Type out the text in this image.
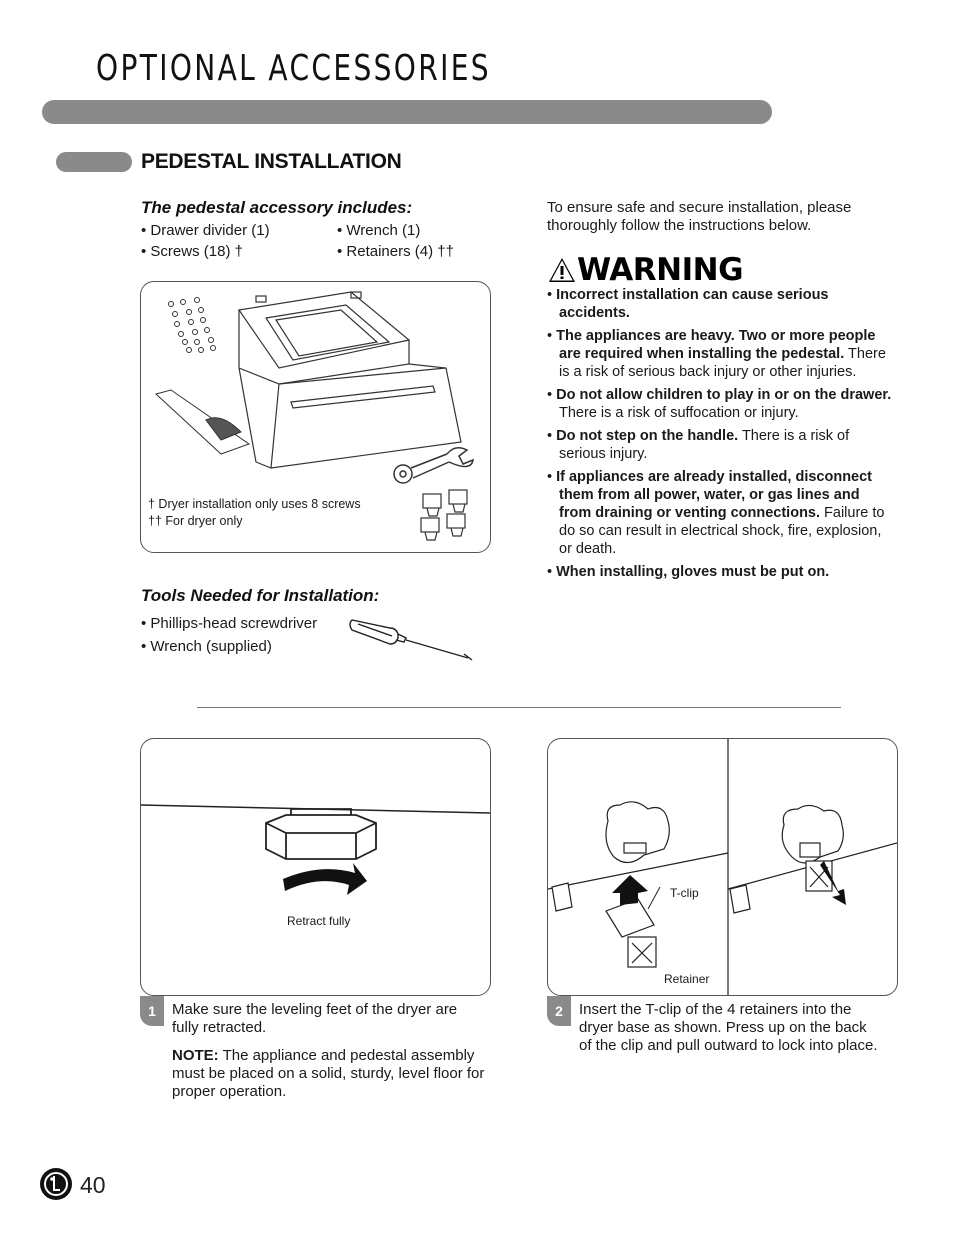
OPTIONAL ACCESSORIES
PEDESTAL INSTALLATION
The pedestal accessory includes:
• Drawer divider (1)	• Wrench (1)
• Screws (18) †	• Retainers (4) ††
† Dryer installation only uses 8 screws
†† For dryer only
Tools Needed for Installation:
• Phillips-head screwdriver
• Wrench (supplied)
To ensure safe and secure installation, please thoroughly follow the instructions below.
WARNING
• Incorrect installation can cause serious accidents.
• The appliances are heavy. Two or more people are required when installing the pedestal. There is a risk of serious back injury or other injuries.
• Do not allow children to play in or on the drawer. There is a risk of suffocation or injury.
• Do not step on the handle. There is a risk of serious injury.
• If appliances are already installed, disconnect them from all power, water, or gas lines and from draining or venting connections. Failure to do so can result in electrical shock, fire, explosion, or death.
• When installing, gloves must be put on.
Retract fully
1	Make sure the leveling feet of the dryer are fully retracted.
NOTE: The appliance and pedestal assembly must be placed on a solid, sturdy, level floor for proper operation.
T-clip
Retainer
2	Insert the T-clip of the 4 retainers into the dryer base as shown. Press up on the back of the clip and pull outward to lock into place.
40
